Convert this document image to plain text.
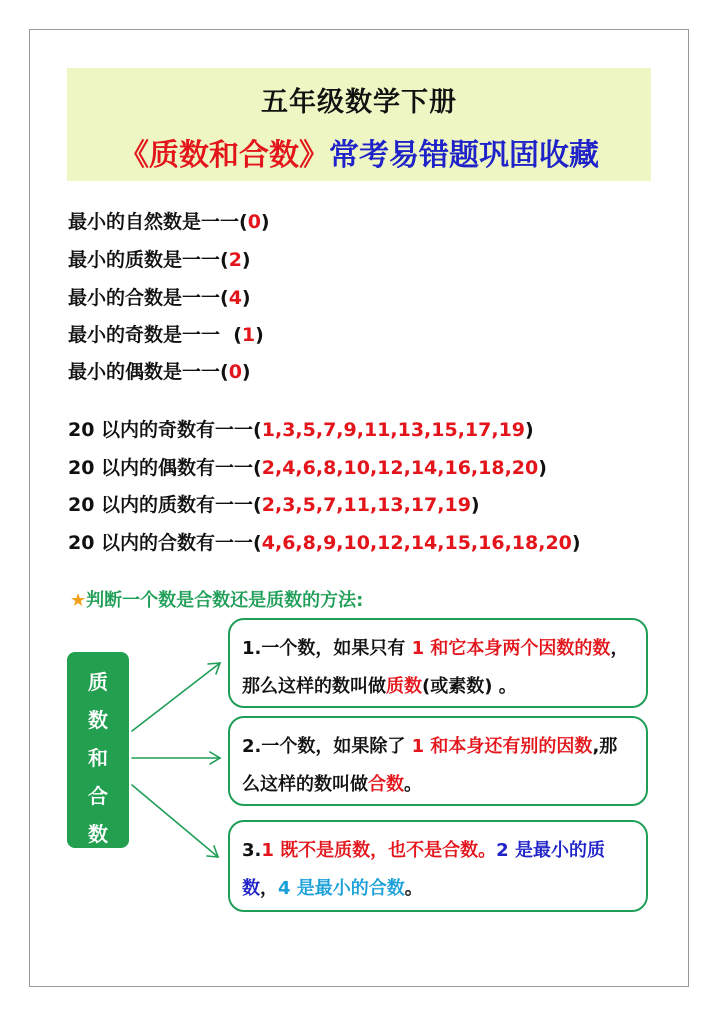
五年级数学下册
《质数和合数》常考易错题巩固收藏
最小的自然数是一一(0)
最小的质数是一一(2)
最小的合数是一一(4)
最小的奇数是一一  (1)
最小的偶数是一一(0)
20 以内的奇数有一一(1,3,5,7,9,11,13,15,17,19)
20 以内的偶数有一一(2,4,6,8,10,12,14,16,18,20)
20 以内的质数有一一(2,3,5,7,11,13,17,19)
20 以内的合数有一一(4,6,8,9,10,12,14,15,16,18,20)
★判断一个数是合数还是质数的方法:
质
数
和
合
数
1.一个数，如果只有 1 和它本身两个因数的数，那么这样的数叫做质数(或素数) 。
2.一个数，如果除了 1 和本身还有别的因数,那么这样的数叫做合数。
3.1 既不是质数，也不是合数。2 是最小的质数，4 是最小的合数。
